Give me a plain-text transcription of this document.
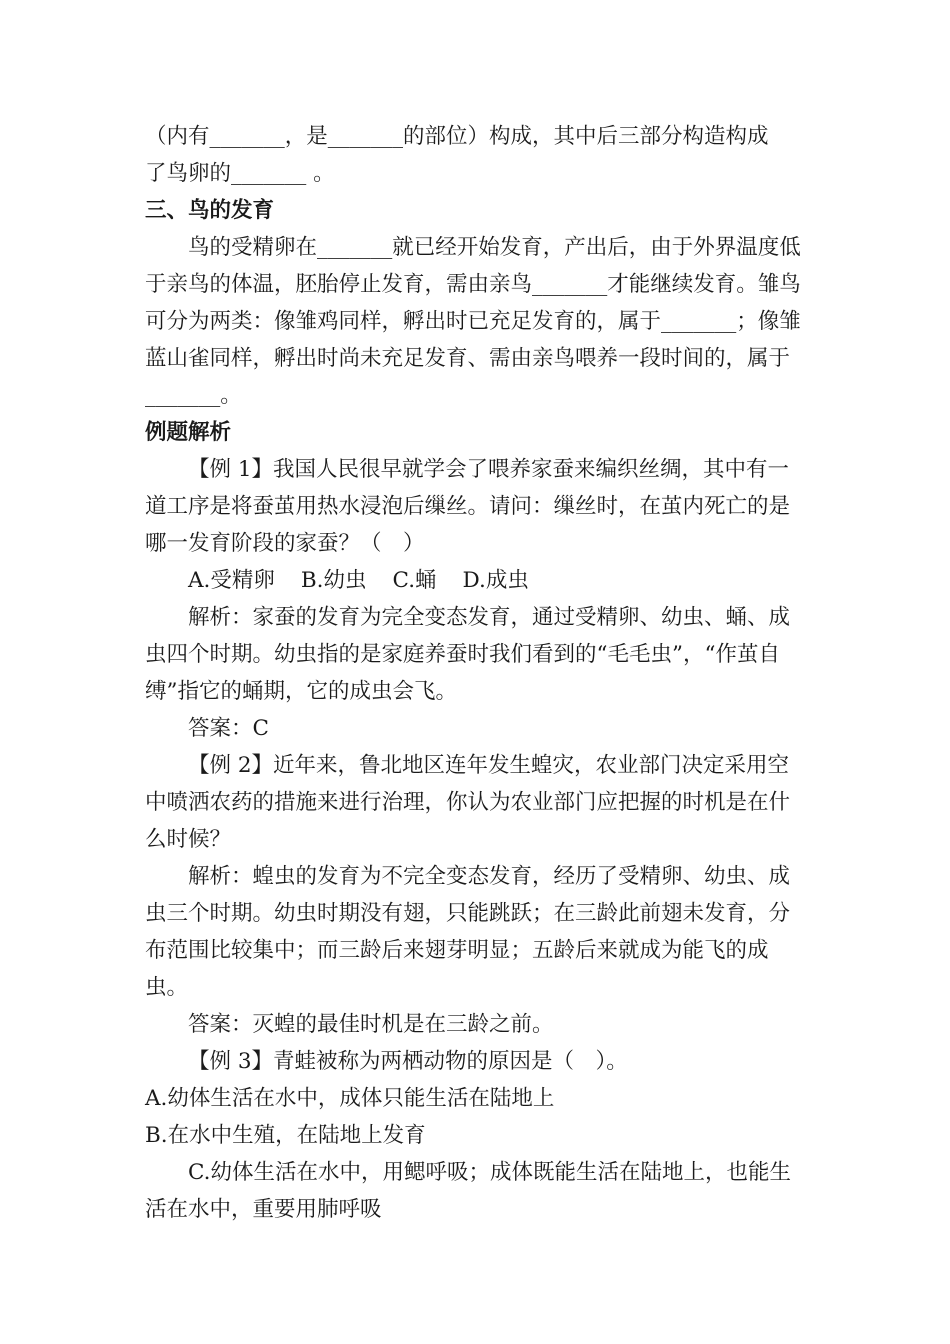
（内有_______，是_______的部位）构成，其中后三部分构造构成

了鸟卵的_______ 。

三、鸟的发育

鸟的受精卵在_______就已经开始发育，产出后，由于外界温度低于亲鸟的体温，胚胎停止发育，需由亲鸟_______才能继续发育。雏鸟可分为两类：像雏鸡同样，孵出时已充足发育的，属于_______；像雏蓝山雀同样，孵出时尚未充足发育、需由亲鸟喂养一段时间的，属于_______。

例题解析

【例 1】我国人民很早就学会了喂养家蚕来编织丝绸，其中有一道工序是将蚕茧用热水浸泡后缫丝。请问：缫丝时，在茧内死亡的是哪一发育阶段的家蚕？（　）

A.受精卵 B.幼虫 C.蛹 D.成虫

解析：家蚕的发育为完全变态发育，通过受精卵、幼虫、蛹、成虫四个时期。幼虫指的是家庭养蚕时我们看到的“毛毛虫”，“作茧自缚”指它的蛹期，它的成虫会飞。

答案：C

【例 2】近年来，鲁北地区连年发生蝗灾，农业部门决定采用空中喷洒农药的措施来进行治理，你认为农业部门应把握的时机是在什么时候？

解析：蝗虫的发育为不完全变态发育，经历了受精卵、幼虫、成虫三个时期。幼虫时期没有翅，只能跳跃；在三龄此前翅未发育，分布范围比较集中；而三龄后来翅芽明显；五龄后来就成为能飞的成虫。

答案：灭蝗的最佳时机是在三龄之前。

【例 3】青蛙被称为两栖动物的原因是（　）。

A.幼体生活在水中，成体只能生活在陆地上

B.在水中生殖，在陆地上发育

C.幼体生活在水中，用鳃呼吸；成体既能生活在陆地上，也能生活在水中，重要用肺呼吸
